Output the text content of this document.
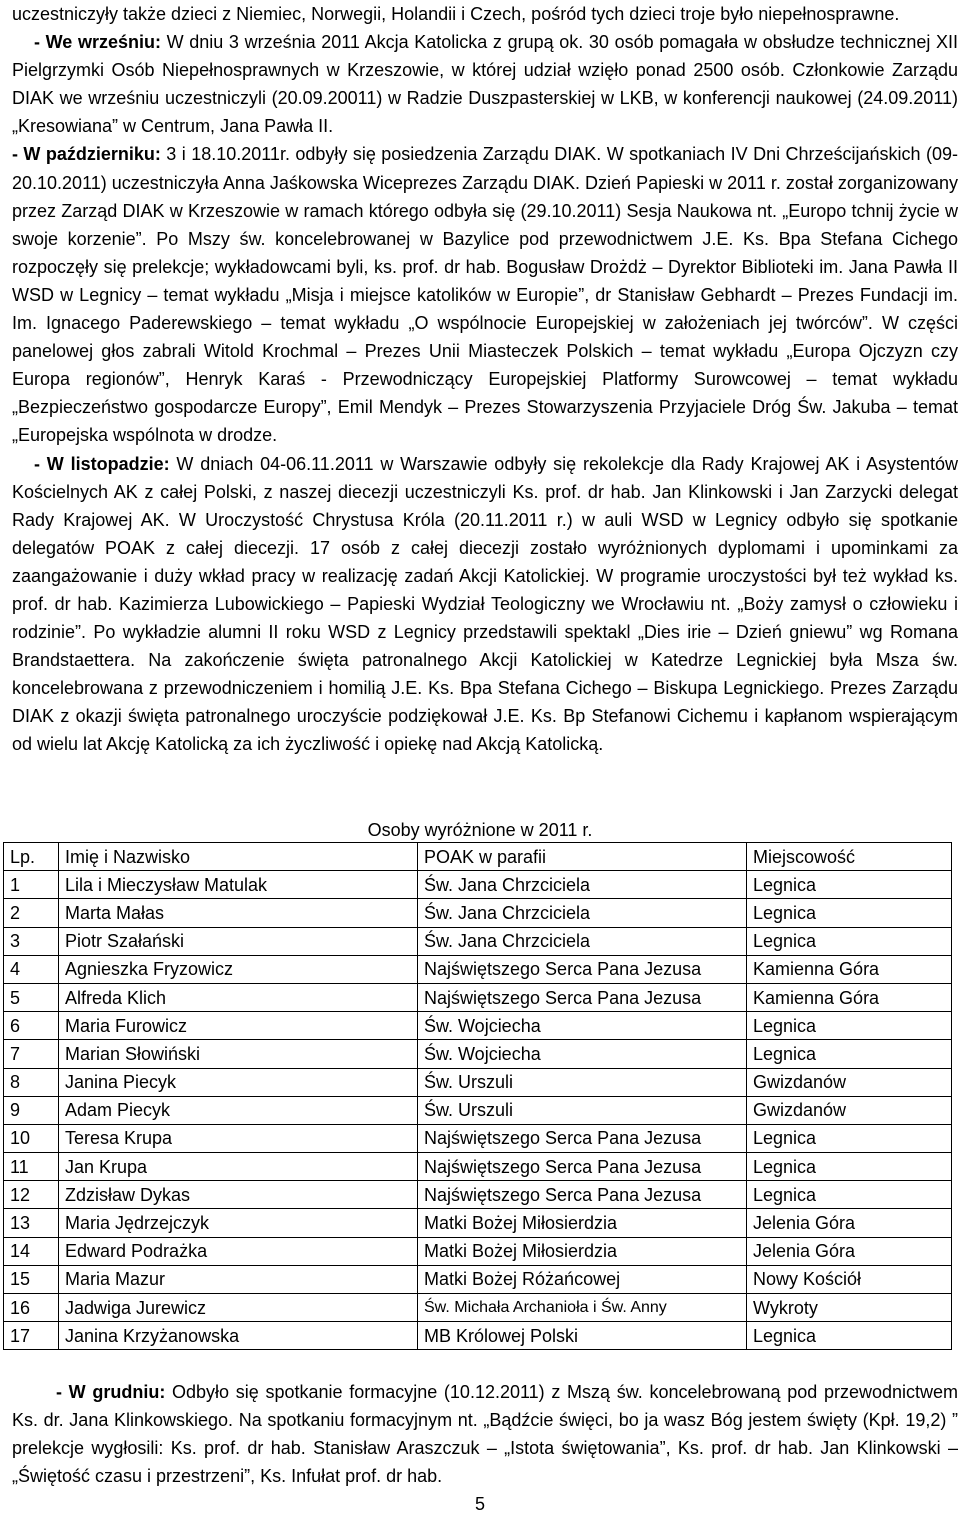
uczestniczyły także dzieci z Niemiec, Norwegii, Holandii i Czech, pośród tych dzieci troje było niepełnosprawne.
- We wrześniu: W dniu 3 września 2011 Akcja Katolicka z grupą ok. 30 osób pomagała w obsłudze technicznej XII Pielgrzymki Osób Niepełnosprawnych w Krzeszowie, w której udział wzięło ponad 2500 osób. Członkowie Zarządu DIAK we wrześniu uczestniczyli (20.09.20011) w Radzie Duszpasterskiej w LKB, w konferencji naukowej (24.09.2011) „Kresowiana” w Centrum, Jana Pawła II.
- W październiku: 3 i 18.10.2011r. odbyły się posiedzenia Zarządu DIAK. W spotkaniach IV Dni Chrześcijańskich (09-20.10.2011) uczestniczyła Anna Jaśkowska Wiceprezes Zarządu DIAK. Dzień Papieski w 2011 r. został zorganizowany przez Zarząd DIAK w Krzeszowie w ramach którego odbyła się (29.10.2011) Sesja Naukowa nt. „Europo tchnij życie w swoje korzenie”. Po Mszy św. koncelebrowanej w Bazylice pod przewodnictwem J.E. Ks. Bpa Stefana Cichego rozpoczęły się prelekcje; wykładowcami byli, ks. prof. dr hab. Bogusław Drożdż – Dyrektor Biblioteki im. Jana Pawła II WSD w Legnicy – temat wykładu „Misja i miejsce katolików w Europie”, dr Stanisław Gebhardt – Prezes Fundacji im. Im. Ignacego Paderewskiego – temat wykładu „O wspólnocie Europejskiej w założeniach jej twórców”. W części panelowej głos zabrali Witold Krochmal – Prezes Unii Miasteczek Polskich – temat wykładu „Europa Ojczyzn czy Europa regionów”, Henryk Karaś - Przewodniczący Europejskiej Platformy Surowcowej – temat wykładu „Bezpieczeństwo gospodarcze Europy”, Emil Mendyk – Prezes Stowarzyszenia Przyjaciele Dróg Św. Jakuba – temat „Europejska wspólnota w drodze.
- W listopadzie: W dniach 04-06.11.2011 w Warszawie odbyły się rekolekcje dla Rady Krajowej AK i Asystentów Kościelnych AK z całej Polski, z naszej diecezji uczestniczyli Ks. prof. dr hab. Jan Klinkowski i Jan Zarzycki delegat Rady Krajowej AK. W Uroczystość Chrystusa Króla (20.11.2011 r.) w auli WSD w Legnicy odbyło się spotkanie delegatów POAK z całej diecezji. 17 osób z całej diecezji zostało wyróżnionych dyplomami i upominkami za zaangażowanie i duży wkład pracy w realizację zadań Akcji Katolickiej. W programie uroczystości był też wykład ks. prof. dr hab. Kazimierza Lubowickiego – Papieski Wydział Teologiczny we Wrocławiu nt. „Boży zamysł o człowieku i rodzinie”. Po wykładzie alumni II roku WSD z Legnicy przedstawili spektakl „Dies irie – Dzień gniewu” wg Romana Brandstaettera. Na zakończenie święta patronalnego Akcji Katolickiej w Katedrze Legnickiej była Msza św. koncelebrowana z przewodniczeniem i homilią J.E. Ks. Bpa Stefana Cichego – Biskupa Legnickiego. Prezes Zarządu DIAK z okazji święta patronalnego uroczyście podziękował J.E. Ks. Bp Stefanowi Cichemu i kapłanom wspierającym od wielu lat Akcję Katolicką za ich życzliwość i opiekę nad Akcją Katolicką.

Osoby wyróżnione w 2011 r.
Lp.	Imię i Nazwisko	POAK w parafii	Miejscowość
1	Lila i Mieczysław Matulak	Św. Jana Chrzciciela	Legnica
2	Marta Małas	Św. Jana Chrzciciela	Legnica
3	Piotr Szałański	Św. Jana Chrzciciela	Legnica
4	Agnieszka Fryzowicz	Najświętszego Serca Pana Jezusa	Kamienna Góra
5	Alfreda Klich	Najświętszego Serca Pana Jezusa	Kamienna Góra
6	Maria Furowicz	Św. Wojciecha	Legnica
7	Marian Słowiński	Św. Wojciecha	Legnica
8	Janina Piecyk	Św. Urszuli	Gwizdanów
9	Adam Piecyk	Św. Urszuli	Gwizdanów
10	Teresa Krupa	Najświętszego Serca Pana Jezusa	Legnica
11	Jan Krupa	Najświętszego Serca Pana Jezusa	Legnica
12	Zdzisław Dykas	Najświętszego Serca Pana Jezusa	Legnica
13	Maria Jędrzejczyk	Matki Bożej Miłosierdzia	Jelenia Góra
14	Edward Podrażka	Matki Bożej Miłosierdzia	Jelenia Góra
15	Maria Mazur	Matki Bożej Różańcowej	Nowy Kościół
16	Jadwiga Jurewicz	Św. Michała Archanioła i Św. Anny	Wykroty
17	Janina Krzyżanowska	MB Królowej Polski	Legnica

- W grudniu: Odbyło się spotkanie formacyjne (10.12.2011) z Mszą św. koncelebrowaną pod przewodnictwem Ks. dr. Jana Klinkowskiego. Na spotkaniu formacyjnym nt. „Bądźcie święci, bo ja wasz Bóg jestem święty (Kpł. 19,2) ” prelekcje wygłosili: Ks. prof. dr hab. Stanisław Araszczuk – „Istota świętowania”, Ks. prof. dr hab. Jan Klinkowski – „Świętość czasu i przestrzeni”, Ks. Infułat prof. dr hab.

5
